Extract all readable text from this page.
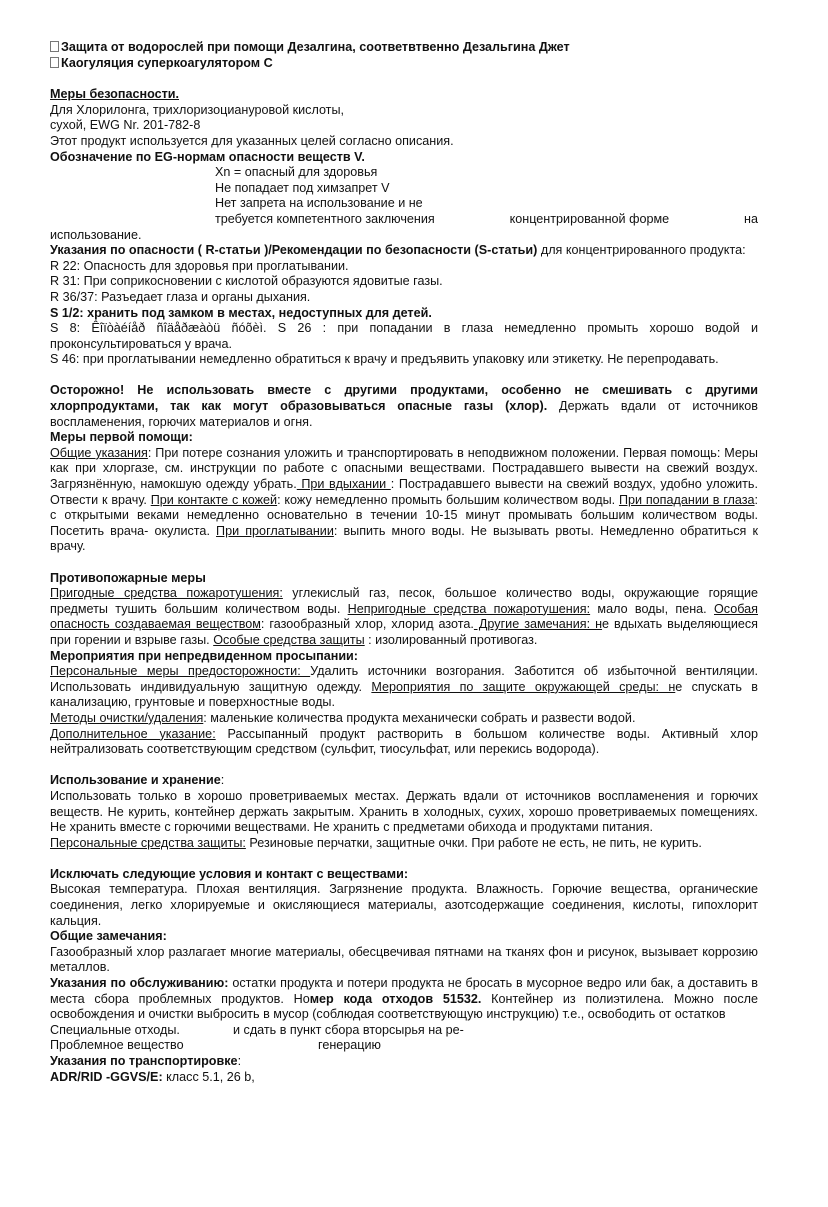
Защита от водорослей при помощи Дезалгина, соответвтвенно Дезальгина Джет

Каогуляция суперкоагулятором С

Меры безопасности.

Для Хлорилонга, трихлоризоциануровой кислоты,

сухой, EWG Nr. 201-782-8

Этот продукт используется для указанных целей согласно описания.

Обозначение по EG-нормам опасности веществ V.

Xn = опасный для здоровья

Не попадает под химзапрет V

Нет запрета на использование и не

требуется компетентного заключения	концентрированной форме	на

использование.

Указания по опасности ( R-статьи )/Рекомендации по безопасности (S-статьи) для концентрированного продукта:

R 22: Опасность для здоровья при проглатывании.

R 31: При соприкосновении с кислотой образуются ядовитые газы.

R 36/37: Разъедает глаза и органы дыхания.

S 1/2: хранить под замком в местах, недоступных для детей.

S 8: Êîïòàéíåð ñîäåðæàòü ñóõèì. S 26 : при попадании в глаза немедленно промыть хорошо водой и проконсультироваться у врача.

S 46: при проглатывании немедленно обратиться к врачу и предъявить упаковку или этикетку. Не перепродавать.

Осторожно! Не использовать вместе с другими продуктами, особенно не смешивать с другими хлорпродуктами, так как могут образовываться опасные газы (хлор). Держать вдали от источников воспламенения, горючих материалов и огня.

Меры первой помощи:

Общие указания: При потере сознания уложить и транспортировать в неподвижном положении. Первая помощь: Меры как при хлоргазе, см. инструкции по работе с опасными веществами. Пострадавшего вывести на свежий воздух. Загрязнённую, намокшую одежду убрать. При вдыхании : Пострадавшего вывести на свежий воздух, удобно уложить. Отвести к врачу. При контакте с кожей: кожу немедленно промыть большим количеством воды. При попадании в глаза: с открытыми веками немедленно основательно в течении 10-15 минут промывать большим количеством воды. Посетить врача- окулиста. При проглатывании: выпить много воды. Не вызывать рвоты. Немедленно обратиться к врачу.

Противопожарные меры

Пригодные средства пожаротушения: углекислый газ, песок, большое количество воды, окружающие горящие предметы тушить большим количеством воды. Непригодные средства пожаротушения: мало воды, пена. Особая опасность создаваемая веществом: газообразный хлор, хлорид азота. Другие замечания: не вдыхать выделяющиеся при горении и взрыве газы. Особые средства защиты : изолированный противогаз.

Мероприятия при непредвиденном просыпании:

Персональные меры предосторожности: Удалить источники возгорания. Заботится об избыточной вентиляции. Использовать индивидуальную защитную одежду. Мероприятия по защите окружающей среды: не спускать в канализацию, грунтовые и поверхностные воды.

Методы очистки/удаления: маленькие количества продукта механически собрать и развести водой.

Дополнительное указание: Рассыпанный продукт растворить в большом количестве воды. Активный хлор нейтрализовать соответствующим средством (сульфит, тиосульфат, или перекись водорода).

Использование и хранение:

Использовать только в хорошо проветриваемых местах. Держать вдали от источников воспламенения и горючих веществ. Не курить, контейнер держать закрытым. Хранить в холодных, сухих, хорошо проветриваемых помещениях. Не хранить вместе с горючими веществами. Не хранить с предметами обихода и продуктами питания.

Персональные средства защиты: Резиновые перчатки, защитные очки. При работе не есть, не пить, не курить.

Исключать следующие условия и контакт с веществами:

Высокая температура. Плохая вентиляция. Загрязнение продукта. Влажность. Горючие вещества, органические соединения, легко хлорируемые и окисляющиеся материалы, азотсодержащие соединения, кислоты, гипохлорит кальция.

Общие замечания:

Газообразный хлор разлагает многие материалы, обесцвечивая пятнами на тканях фон и рисунок, вызывает коррозию металлов.

Указания по обслуживанию: остатки продукта и потери продукта не бросать в мусорное ведро или бак, а доставить в места сбора проблемных продуктов. Номер кода отходов 51532. Контейнер из полиэтилена. Можно после освобождения и очистки выбросить в мусор (соблюдая соответствующую инструкцию) т.е., освободить от остатков

Специальные отходы.	и сдать в пункт сбора вторсырья на ре-
Проблемное вещество	генерацию

Указания по транспортировке:

ADR/RID -GGVS/E: класс 5.1, 26 b,
